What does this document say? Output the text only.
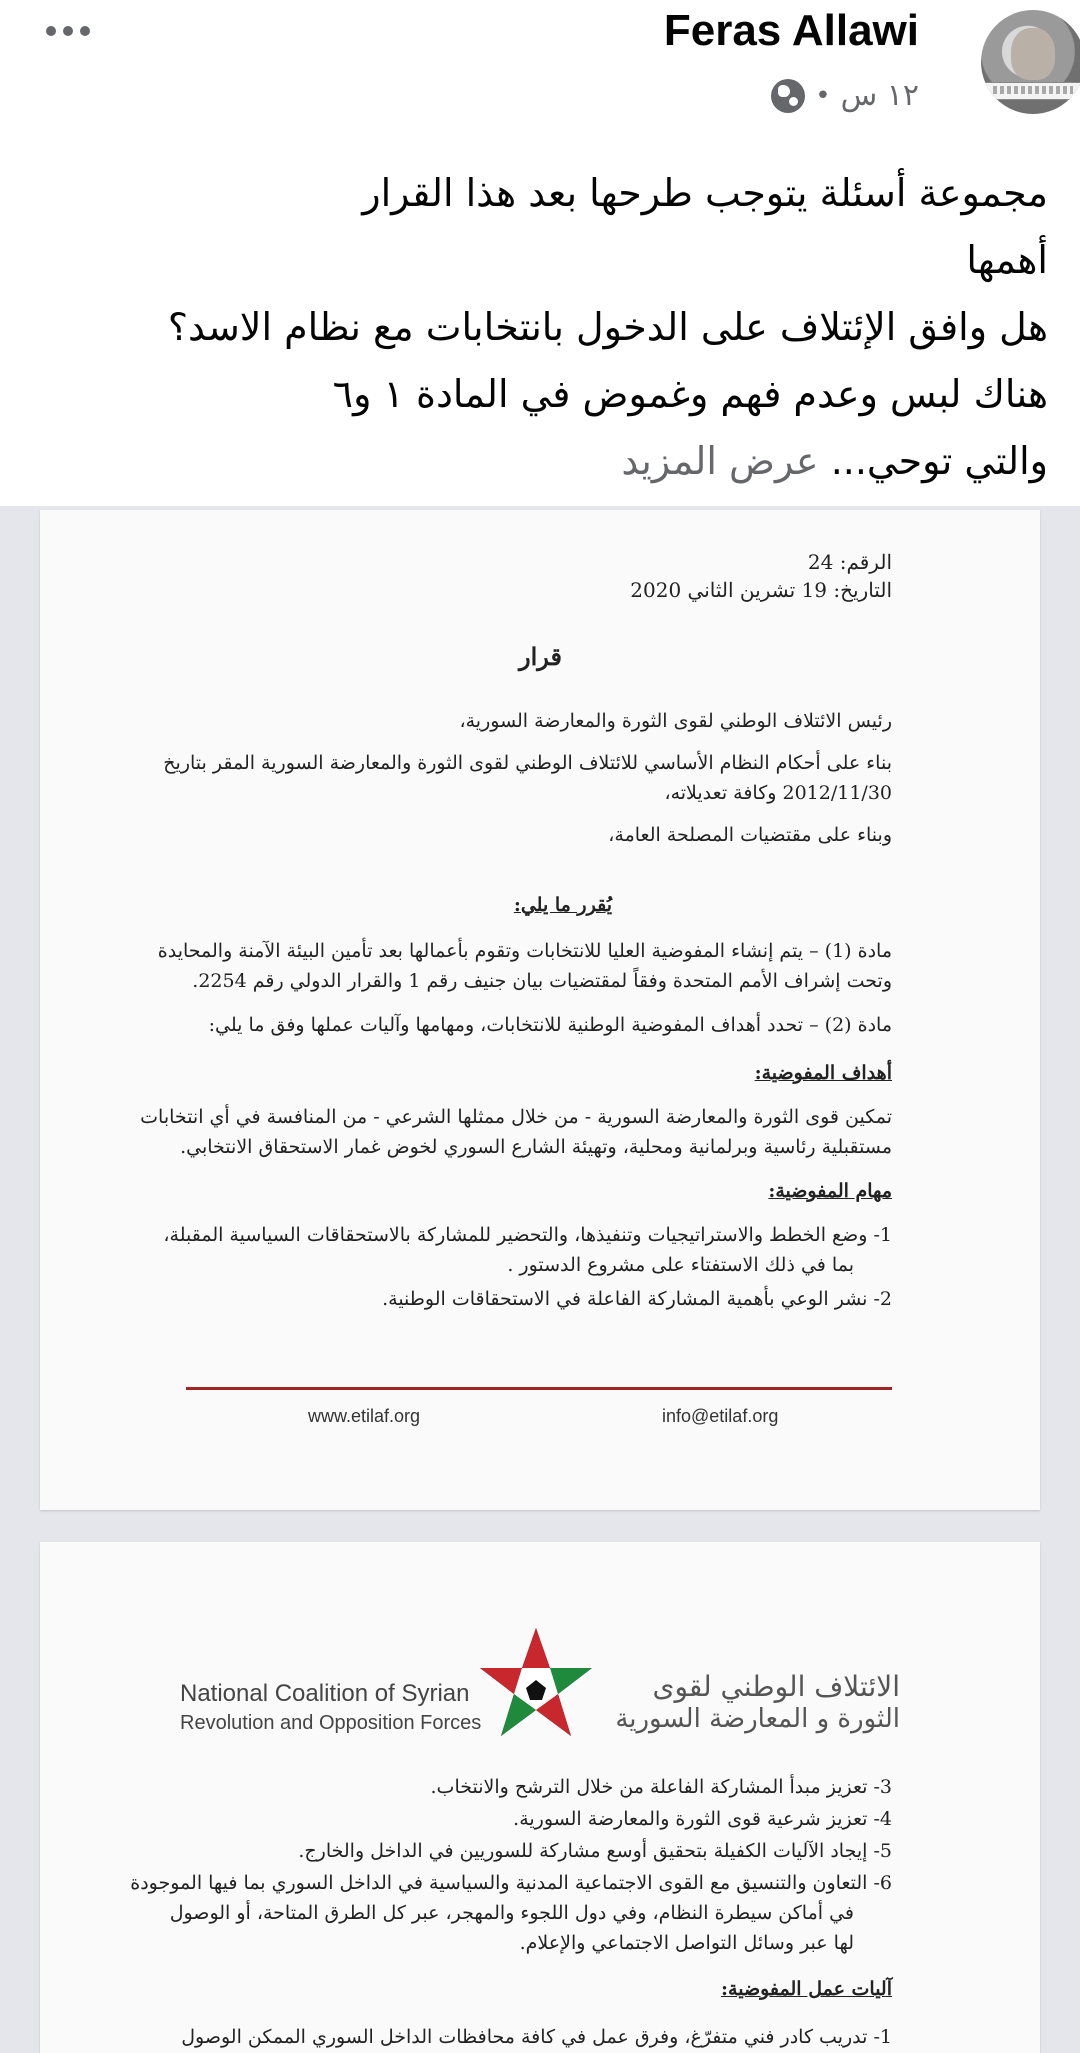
Feras Allawi
١٢ س
•
مجموعة أسئلة يتوجب طرحها بعد هذا القرار
أهمها
هل وافق الإئتلاف على الدخول بانتخابات مع نظام الاسد؟
هناك لبس وعدم فهم وغموض في المادة ١ و٦
والتي توحي... عرض المزيد
الرقم: 24
التاريخ: 19 تشرين الثاني 2020
قرار
رئيس الائتلاف الوطني لقوى الثورة والمعارضة السورية،
بناء على أحكام النظام الأساسي للائتلاف الوطني لقوى الثورة والمعارضة السورية المقر بتاريخ
2012/11/30 وكافة تعديلاته،
وبناء على مقتضيات المصلحة العامة،
يُقرر ما يلي:
مادة (1) – يتم إنشاء المفوضية العليا للانتخابات وتقوم بأعمالها بعد تأمين البيئة الآمنة والمحايدة
وتحت إشراف الأمم المتحدة وفقاً لمقتضيات بيان جنيف رقم 1 والقرار الدولي رقم 2254.
مادة (2) – تحدد أهداف المفوضية الوطنية للانتخابات، ومهامها وآليات عملها وفق ما يلي:
أهداف المفوضية:
تمكين قوى الثورة والمعارضة السورية - من خلال ممثلها الشرعي - من المنافسة في أي انتخابات
مستقبلية رئاسية وبرلمانية ومحلية، وتهيئة الشارع السوري لخوض غمار الاستحقاق الانتخابي.
مهام المفوضية:
1- وضع الخطط والاستراتيجيات وتنفيذها، والتحضير للمشاركة بالاستحقاقات السياسية المقبلة،
بما في ذلك الاستفتاء على مشروع الدستور .
2- نشر الوعي بأهمية المشاركة الفاعلة في الاستحقاقات الوطنية.
www.etilaf.org	info@etilaf.org
National Coalition of Syrian
Revolution and Opposition Forces
الائتلاف الوطني لقوى
الثورة و المعارضة السورية
3- تعزيز مبدأ المشاركة الفاعلة من خلال الترشح والانتخاب.
4- تعزيز شرعية قوى الثورة والمعارضة السورية.
5- إيجاد الآليات الكفيلة بتحقيق أوسع مشاركة للسوريين في الداخل والخارج.
6- التعاون والتنسيق مع القوى الاجتماعية المدنية والسياسية في الداخل السوري بما فيها الموجودة
في أماكن سيطرة النظام، وفي دول اللجوء والمهجر، عبر كل الطرق المتاحة، أو الوصول
لها عبر وسائل التواصل الاجتماعي والإعلام.
آليات عمل المفوضية:
1- تدريب كادر فني متفرّغ، وفرق عمل في كافة محافظات الداخل السوري الممكن الوصول
